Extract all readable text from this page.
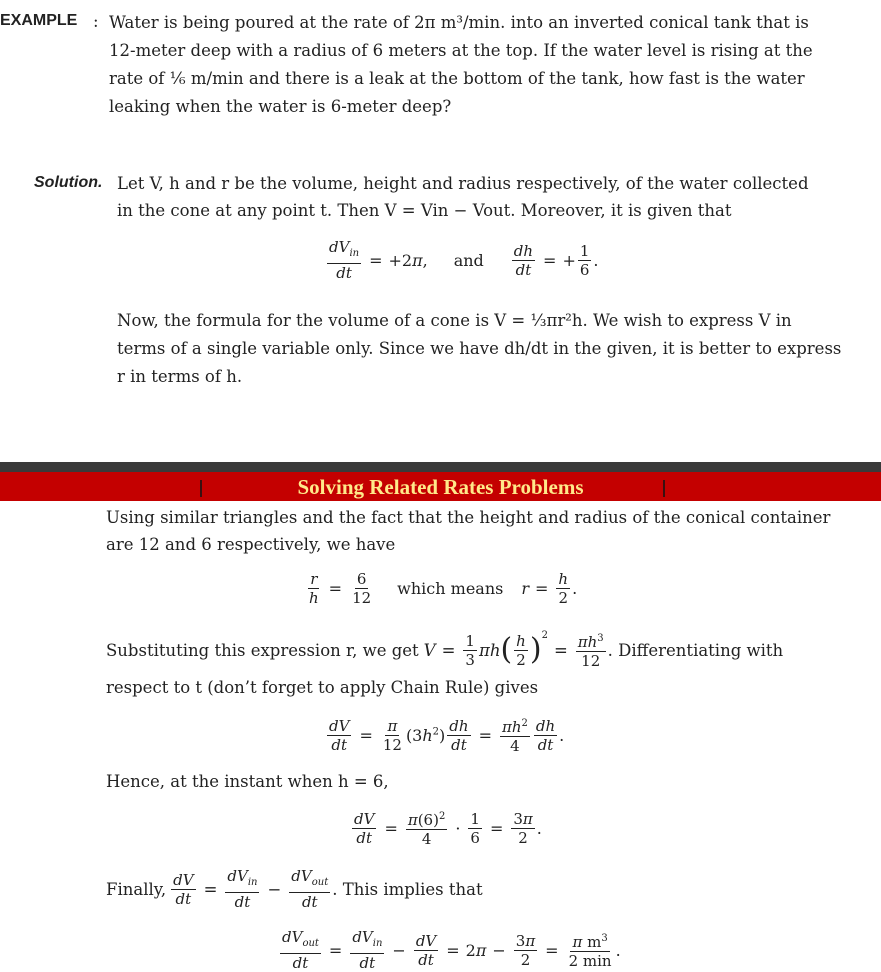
EXAMPLE : Water is being poured at the rate of 2π m³/min. into an inverted conical tank that is
12-meter deep with a radius of 6 meters at the top. If the water level is rising at the
rate of ⅙ m/min and there is a leak at the bottom of the tank, how fast is the water
leaking when the water is 6-meter deep?
Solution. Let V, h and r be the volume, height and radius respectively, of the water collected
in the cone at any point t. Then V = Vin − Vout. Moreover, it is given that
$\frac{dV_{in}}{dt} = +2\pi$, and $\frac{dh}{dt}$ = + $\frac{1}{6}$ .
Now, the formula for the volume of a cone is V = ⅓πr²h. We wish to express V in
terms of a single variable only. Since we have dh/dt in the given, it is better to express
r in terms of h.
Solving Related Rates Problems
Using similar triangles and the fact that the height and radius of the conical container
are 12 and 6 respectively, we have
$\frac{r}{h} = \frac{6}{12}$ which means $r = \frac{h}{2}$ .
Substituting this expression r, we get $V = \frac{1}{3}$ πh ( $\frac{h}{2} )^2$
= $\frac{\pi h^3}{12}$ . Differentiating with
respect to t (don’t forget to apply Chain Rule) gives
$\frac{dV}{dt} = \frac{\pi}{12} (3h^2) \frac{dh}{dt} = \frac{\pi h^2}{4} \frac{dh}{dt}$ .
Hence, at the instant when h = 6,
$\frac{dV}{dt} = \frac{\pi(6)^2}{4} \cdot \frac{1}{6} = \frac{3\pi}{2}$ .
Finally, $\frac{dV}{dt} = \frac{dV_{in}}{dt} - \frac{dV_{out}}{dt}$ . This implies that
$\frac{dV_{out}}{dt} = \frac{dV_{in}}{dt} - \frac{dV}{dt} = 2\pi - \frac{3\pi}{2} = \frac{\pi m^3}{2 \min}$ .
